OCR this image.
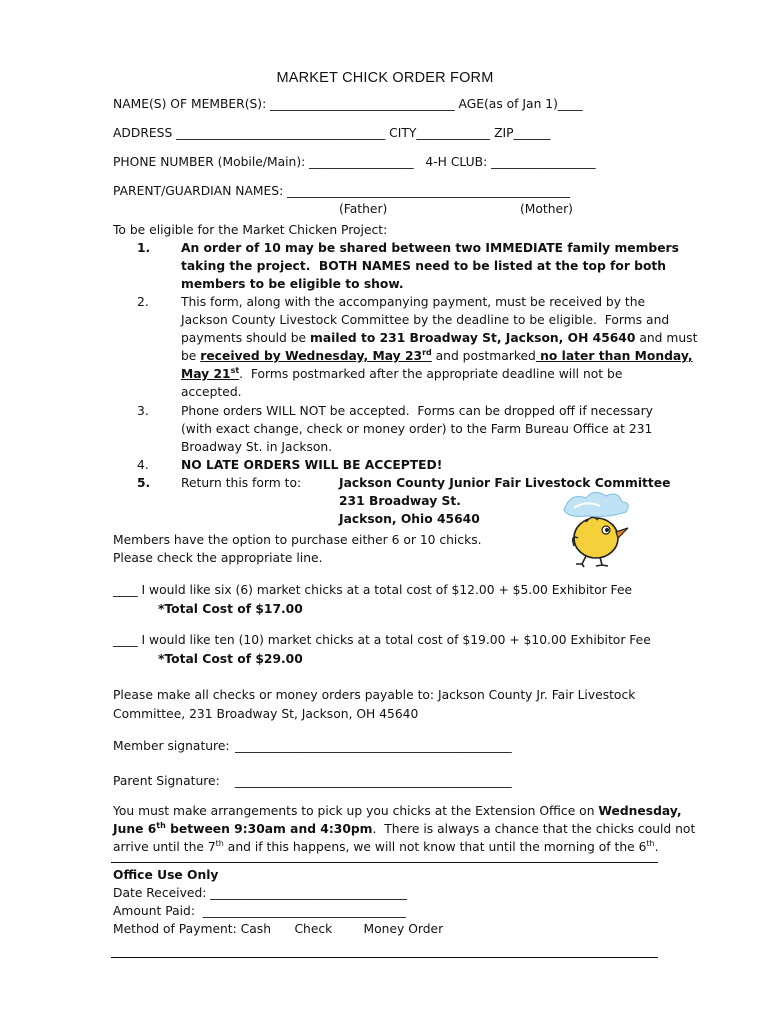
MARKET CHICK ORDER FORM
NAME(S) OF MEMBER(S): ______________________________ AGE(as of Jan 1)____
ADDRESS __________________________________ CITY____________ ZIP______
PHONE NUMBER (Mobile/Main): _________________   4-H CLUB: _________________
PARENT/GUARDIAN NAMES: ______________________________________________
(Father)	(Mother)
To be eligible for the Market Chicken Project:
1.	An order of 10 may be shared between two IMMEDIATE family members
taking the project.  BOTH NAMES need to be listed at the top for both
members to be eligible to show.
2.	This form, along with the accompanying payment, must be received by the
Jackson County Livestock Committee by the deadline to be eligible.  Forms and
payments should be mailed to 231 Broadway St, Jackson, OH 45640 and must
be received by Wednesday, May 23rd and postmarked no later than Monday,
May 21st.  Forms postmarked after the appropriate deadline will not be
accepted.
3.	Phone orders WILL NOT be accepted.  Forms can be dropped off if necessary
(with exact change, check or money order) to the Farm Bureau Office at 231
Broadway St. in Jackson.
4.	NO LATE ORDERS WILL BE ACCEPTED!
5.	Return this form to:	Jackson County Junior Fair Livestock Committee
231 Broadway St.
Jackson, Ohio 45640
Members have the option to purchase either 6 or 10 chicks.
Please check the appropriate line.
____ I would like six (6) market chicks at a total cost of $12.00 + $5.00 Exhibitor Fee
*Total Cost of $17.00
____ I would like ten (10) market chicks at a total cost of $19.00 + $10.00 Exhibitor Fee
*Total Cost of $29.00
Please make all checks or money orders payable to: Jackson County Jr. Fair Livestock
Committee, 231 Broadway St, Jackson, OH 45640
Member signature: _____________________________________________
Parent Signature: _____________________________________________
You must make arrangements to pick up you chicks at the Extension Office on Wednesday,
June 6th between 9:30am and 4:30pm.  There is always a chance that the chicks could not
arrive until the 7th and if this happens, we will not know that until the morning of the 6th.
Office Use Only
Date Received: ________________________________
Amount Paid:  _________________________________
Method of Payment: Cash      Check        Money Order
